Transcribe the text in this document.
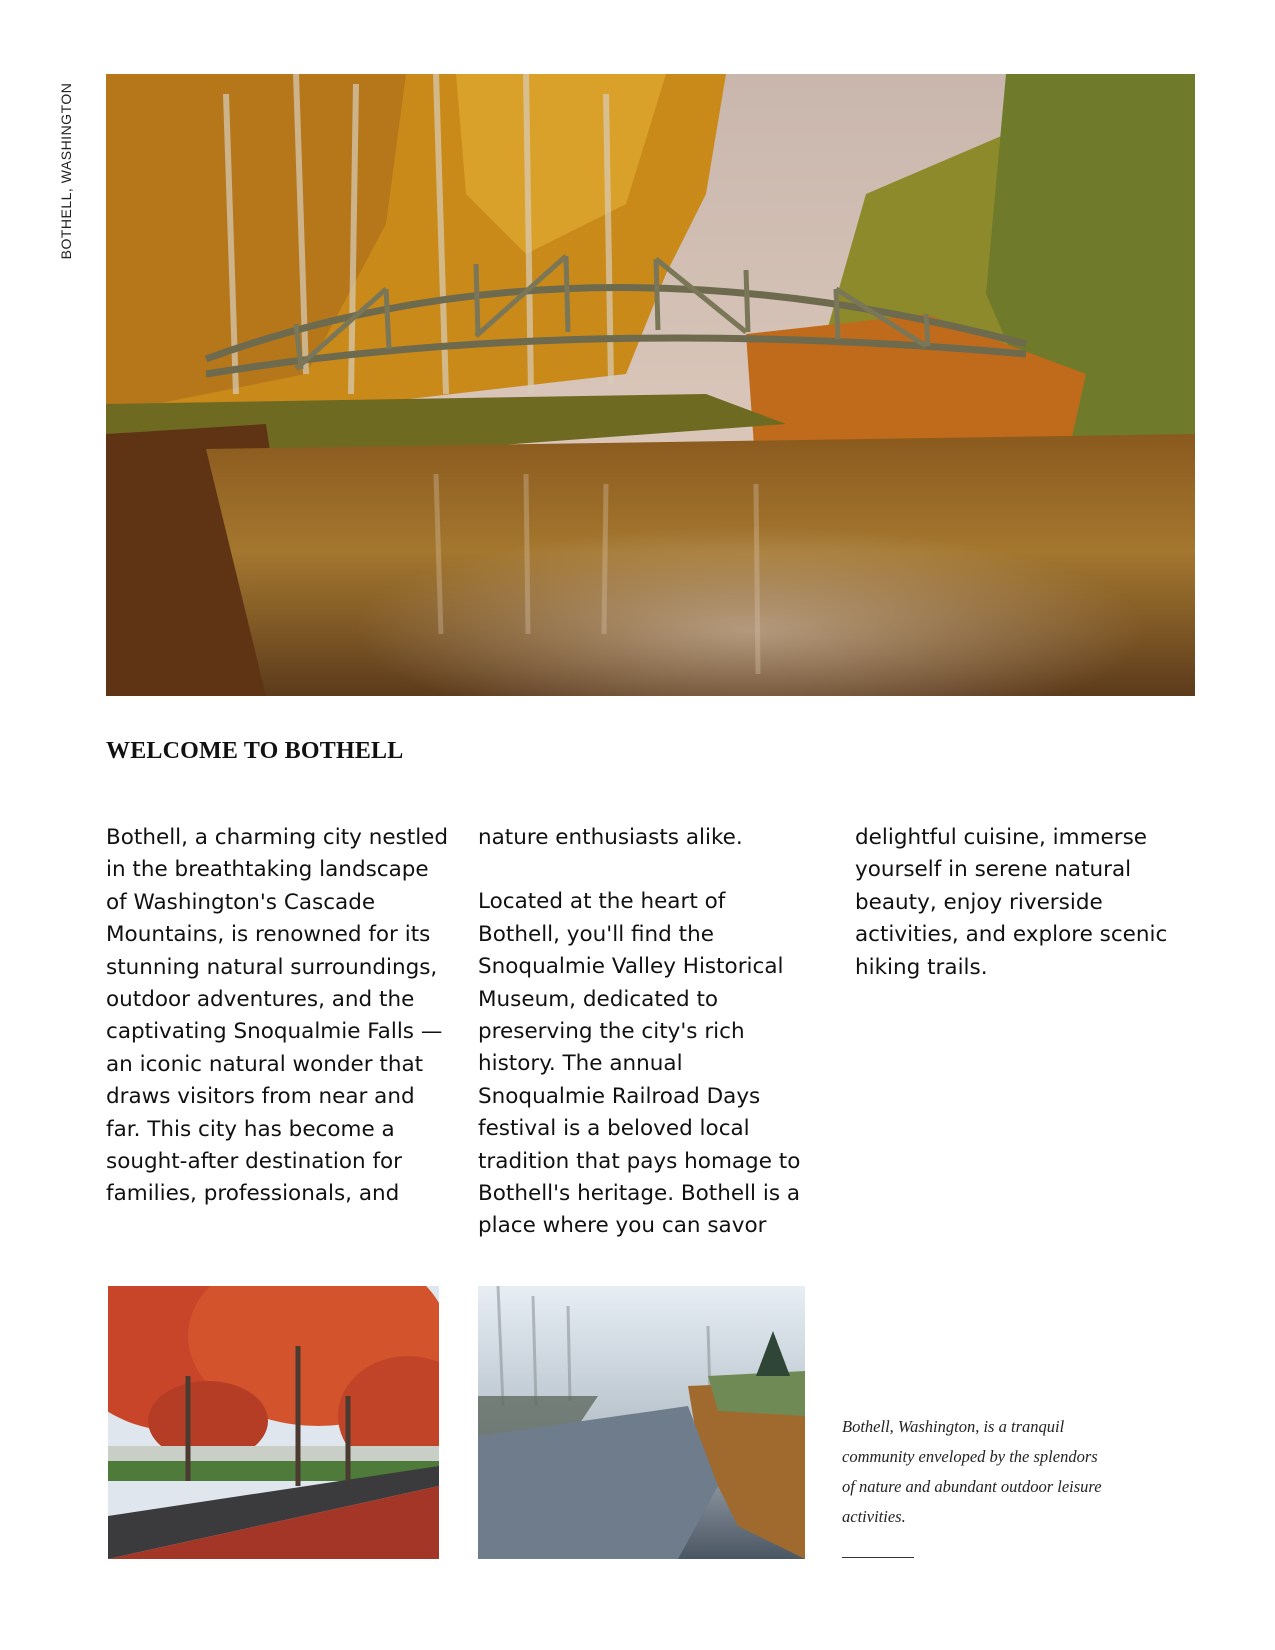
BOTHELL, WASHINGTON
WELCOME TO BOTHELL

Bothell, a charming city nestled in the breathtaking landscape of Washington's Cascade Mountains, is renowned for its stunning natural surroundings, outdoor adventures, and the captivating Snoqualmie Falls —an iconic natural wonder that draws visitors from near and far. This city has become a sought-after destination for families, professionals, and

nature enthusiasts alike.

Located at the heart of Bothell, you'll find the Snoqualmie Valley Historical Museum, dedicated to preserving the city's rich history. The annual Snoqualmie Railroad Days festival is a beloved local tradition that pays homage to Bothell's heritage. Bothell is a place where you can savor

delightful cuisine, immerse yourself in serene natural beauty, enjoy riverside activities, and explore scenic hiking trails.

Bothell, Washington, is a tranquil community enveloped by the splendors of nature and abundant outdoor leisure activities.
